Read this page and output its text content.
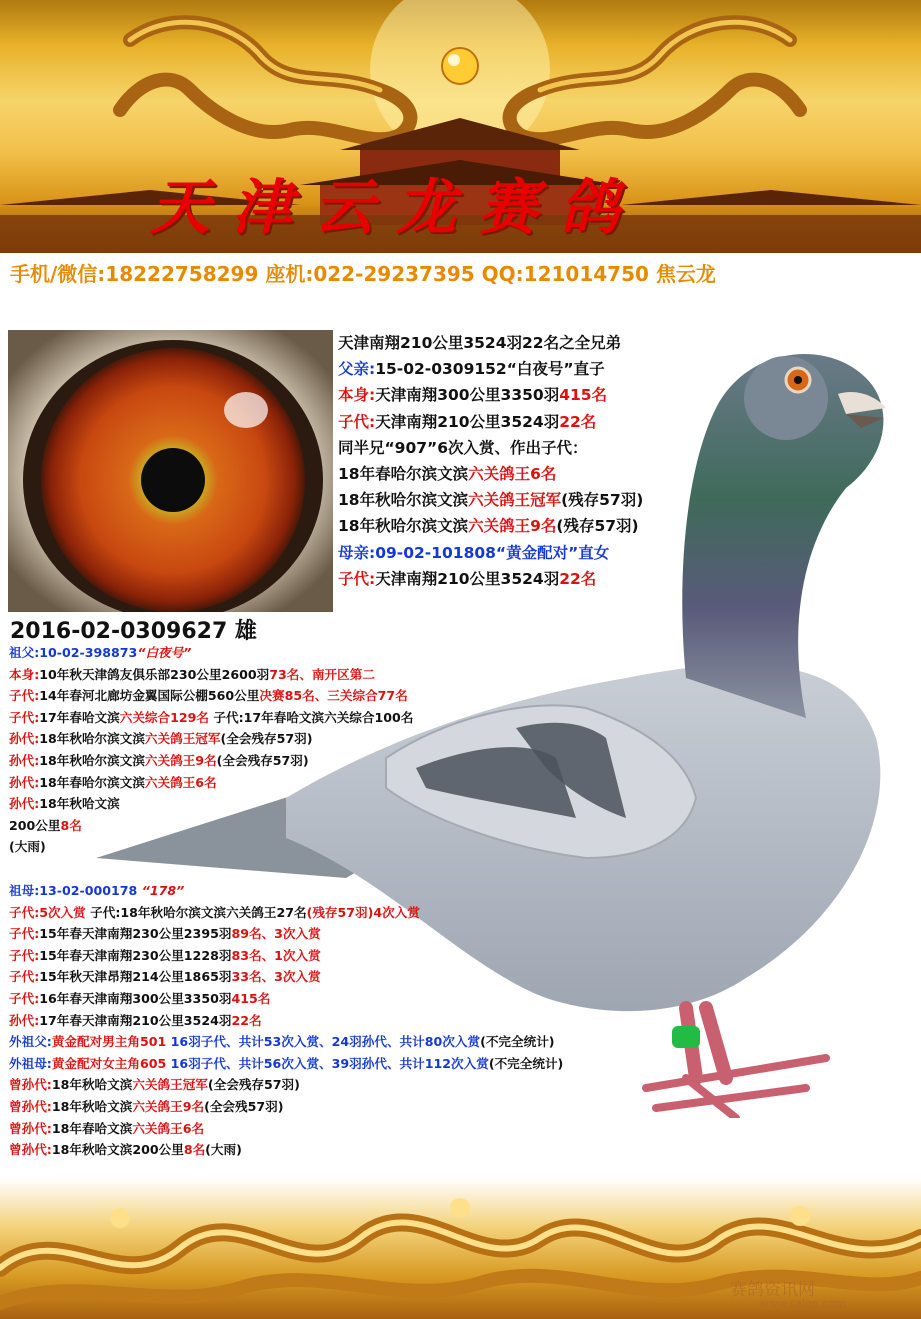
天津云龙赛鸽
手机/微信:18222758299 座机:022-29237395 QQ:121014750 焦云龙
天津南翔210公里3524羽22名之全兄弟
父亲:15-02-0309152“白夜号”直子
本身:天津南翔300公里3350羽415名
子代:天津南翔210公里3524羽22名
同半兄“907”6次入赏、作出子代：
18年春哈尔滨文滨六关鸽王6名
18年秋哈尔滨文滨六关鸽王冠军(残存57羽)
18年秋哈尔滨文滨六关鸽王9名(残存57羽)
母亲:09-02-101808“黄金配对”直女
子代:天津南翔210公里3524羽22名
2016-02-0309627 雄
祖父:10-02-398873“白夜号”
本身:10年秋天津鸽友俱乐部230公里2600羽73名、南开区第二
子代:14年春河北廊坊金翼国际公棚560公里决赛85名、三关综合77名
子代:17年春哈文滨六关综合129名 子代:17年春哈文滨六关综合100名
孙代:18年秋哈尔滨文滨六关鸽王冠军(全会残存57羽)
孙代:18年秋哈尔滨文滨六关鸽王9名(全会残存57羽)
孙代:18年春哈尔滨文滨六关鸽王6名
孙代:18年秋哈文滨
200公里8名
(大雨)
祖母:13-02-000178 “178”
子代:5次入赏 子代:18年秋哈尔滨文滨六关鸽王27名(残存57羽)4次入赏
子代:15年春天津南翔230公里2395羽89名、3次入赏
子代:15年春天津南翔230公里1228羽83名、1次入赏
子代:15年秋天津昂翔214公里1865羽33名、3次入赏
子代:16年春天津南翔300公里3350羽415名
孙代:17年春天津南翔210公里3524羽22名
外祖父:黄金配对男主角501 16羽子代、共计53次入赏、24羽孙代、共计80次入赏(不完全统计)
外祖母:黄金配对女主角605 16羽子代、共计56次入赏、39羽孙代、共计112次入赏(不完全统计)
曾孙代:18年秋哈文滨六关鸽王冠军(全会残存57羽)
曾孙代:18年秋哈文滨六关鸽王9名(全会残57羽)
曾孙代:18年春哈文滨六关鸽王6名
曾孙代:18年秋哈文滨200公里8名(大雨)
赛鸽资讯网
www.saige.com
